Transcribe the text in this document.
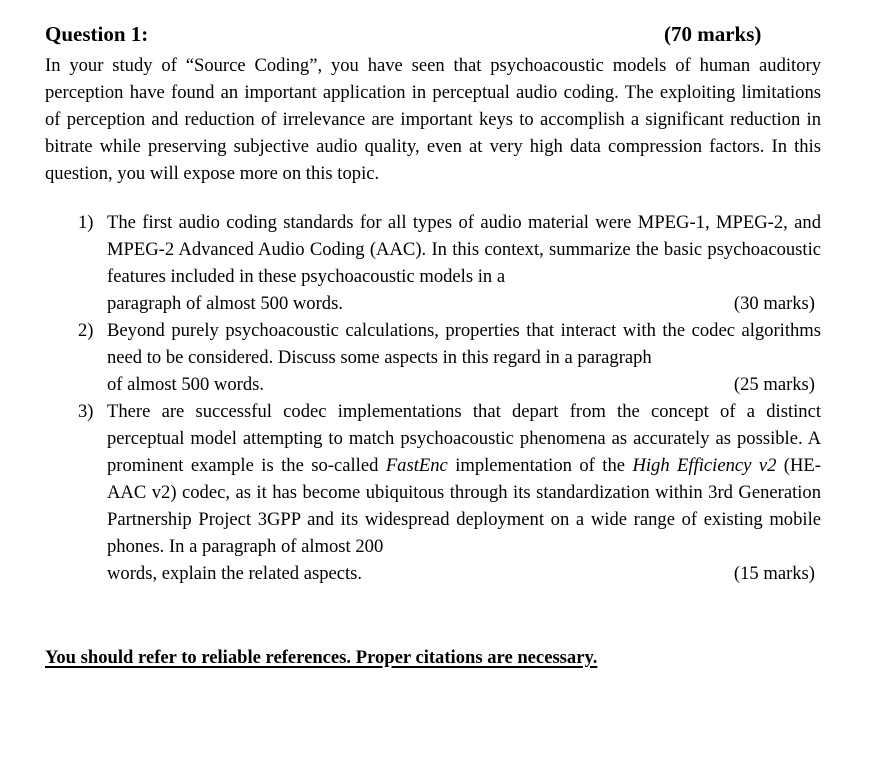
Question 1:	(70 marks)

In your study of “Source Coding”, you have seen that psychoacoustic models of human auditory perception have found an important application in perceptual audio coding. The exploiting limitations of perception and reduction of irrelevance are important keys to accomplish a significant reduction in bitrate while preserving subjective audio quality, even at very high data compression factors. In this question, you will expose more on this topic.

1) The first audio coding standards for all types of audio material were MPEG-1, MPEG-2, and MPEG-2 Advanced Audio Coding (AAC). In this context, summarize the basic psychoacoustic features included in these psychoacoustic models in a
paragraph of almost 500 words.	(30 marks)
2) Beyond purely psychoacoustic calculations, properties that interact with the codec algorithms need to be considered. Discuss some aspects in this regard in a paragraph
of almost 500 words.	(25 marks)
3) There are successful codec implementations that depart from the concept of a distinct perceptual model attempting to match psychoacoustic phenomena as accurately as possible. A prominent example is the so-called FastEnc implementation of the High Efficiency v2 (HE-AAC v2) codec, as it has become ubiquitous through its standardization within 3rd Generation Partnership Project 3GPP and its widespread deployment on a wide range of existing mobile phones. In a paragraph of almost 200
words, explain the related aspects.	(15 marks)
You should refer to reliable references. Proper citations are necessary.
